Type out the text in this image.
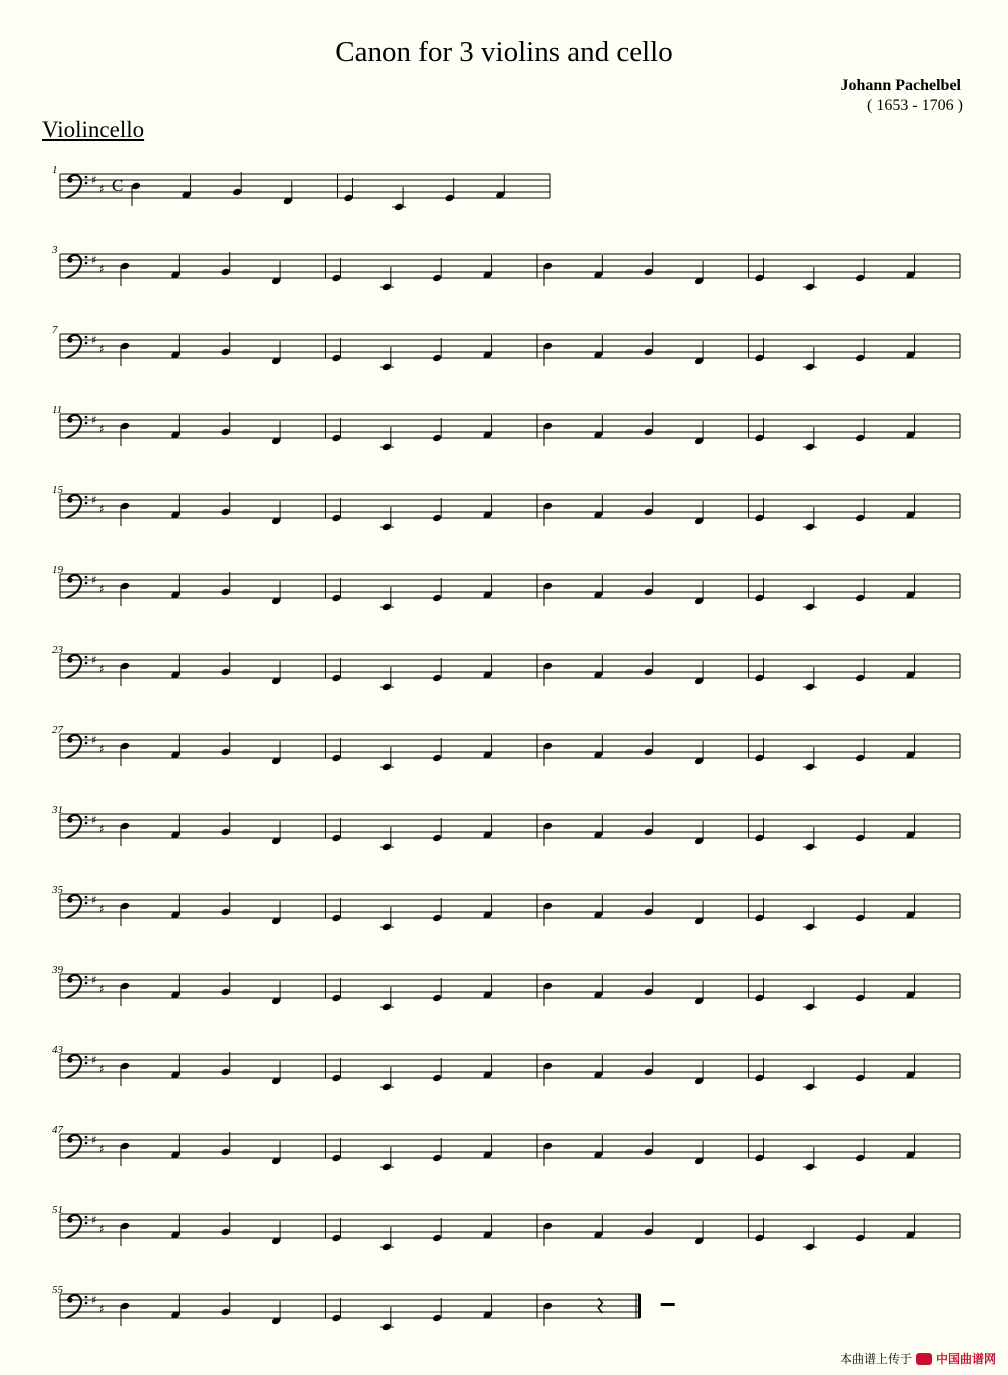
Canon for 3 violins and cello
Johann Pachelbel
( 1653 - 1706 )
Violincello
1
♯
♯ C
3
♯
♯
7
♯
♯
11
♯
♯
15
♯
♯
19
♯
♯
23
♯
♯
27
♯
♯
31
♯
♯
35
♯
♯
39
♯
♯
43
♯
♯
47
♯
♯
51
♯
♯
55
♯
♯
本曲谱上传于 中国曲谱网
